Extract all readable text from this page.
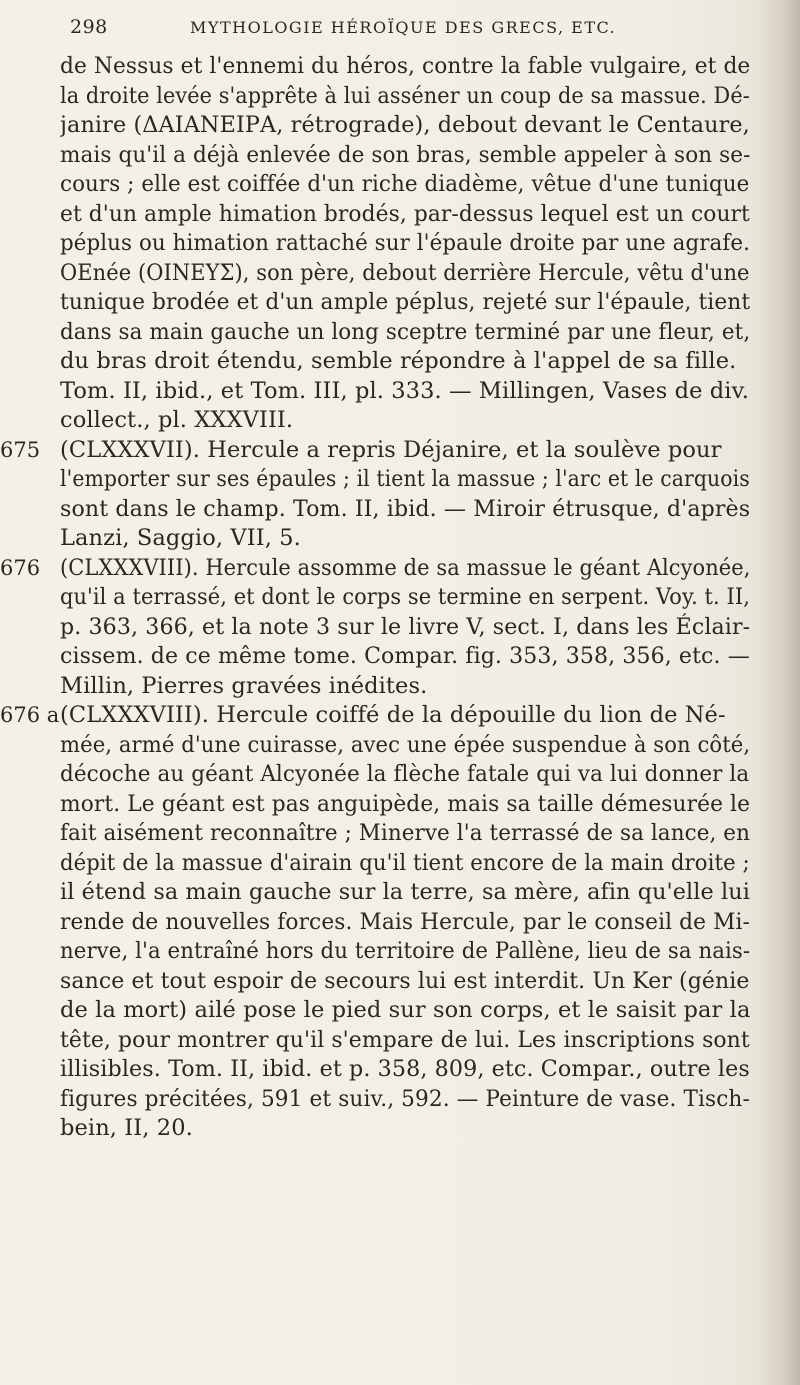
298	MYTHOLOGIE HÉROÏQUE DES GRECS, ETC.
de Nessus et l'ennemi du héros, contre la fable vulgaire, et de
la droite levée s'apprête à lui asséner un coup de sa massue. Dé-
janire (ΔΑΙΑΝΕΙΡΑ, rétrograde), debout devant le Centaure,
mais qu'il a déjà enlevée de son bras, semble appeler à son se-
cours ; elle est coiffée d'un riche diadème, vêtue d'une tunique
et d'un ample himation brodés, par-dessus lequel est un court
péplus ou himation rattaché sur l'épaule droite par une agrafe.
OEnée (ΟΙΝΕΥΣ), son père, debout derrière Hercule, vêtu d'une
tunique brodée et d'un ample péplus, rejeté sur l'épaule, tient
dans sa main gauche un long sceptre terminé par une fleur, et,
du bras droit étendu, semble répondre à l'appel de sa fille.
Tom. II, ibid., et Tom. III, pl. 333. — Millingen, Vases de div.
collect., pl. XXXVIII.
675 (CLXXXVII). Hercule a repris Déjanire, et la soulève pour
l'emporter sur ses épaules ; il tient la massue ; l'arc et le carquois
sont dans le champ. Tom. II, ibid. — Miroir étrusque, d'après
Lanzi, Saggio, VII, 5.
676 (CLXXXVIII). Hercule assomme de sa massue le géant Alcyonée,
qu'il a terrassé, et dont le corps se termine en serpent. Voy. t. II,
p. 363, 366, et la note 3 sur le livre V, sect. I, dans les Éclair-
cissem. de ce même tome. Compar. fig. 353, 358, 356, etc. —
Millin, Pierres gravées inédites.
676 a (CLXXXVIII). Hercule coiffé de la dépouille du lion de Né-
mée, armé d'une cuirasse, avec une épée suspendue à son côté,
décoche au géant Alcyonée la flèche fatale qui va lui donner la
mort. Le géant est pas anguipède, mais sa taille démesurée le
fait aisément reconnaître ; Minerve l'a terrassé de sa lance, en
dépit de la massue d'airain qu'il tient encore de la main droite ;
il étend sa main gauche sur la terre, sa mère, afin qu'elle lui
rende de nouvelles forces. Mais Hercule, par le conseil de Mi-
nerve, l'a entraîné hors du territoire de Pallène, lieu de sa nais-
sance et tout espoir de secours lui est interdit. Un Ker (génie
de la mort) ailé pose le pied sur son corps, et le saisit par la
tête, pour montrer qu'il s'empare de lui. Les inscriptions sont
illisibles. Tom. II, ibid. et p. 358, 809, etc. Compar., outre les
figures précitées, 591 et suiv., 592. — Peinture de vase. Tisch-
bein, II, 20.
